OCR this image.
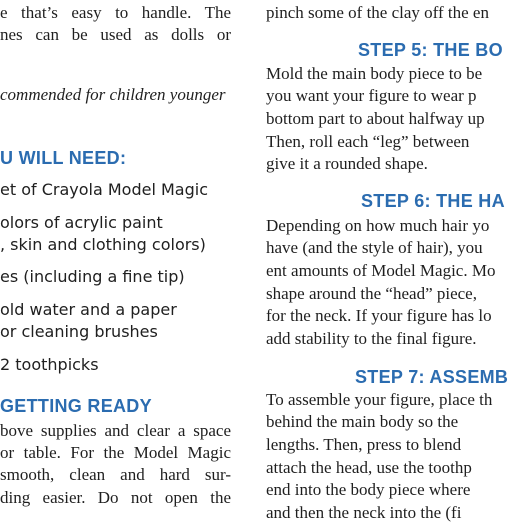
e that’s easy to handle. The
nes can be used as dolls or
commended for children younger
U WILL NEED:
et of Crayola Model Magic
olors of acrylic paint
, skin and clothing colors)
es (including a fine tip)
old water and a paper
or cleaning brushes
2 toothpicks
GETTING READY
bove supplies and clear a space
or table. For the Model Magic
smooth, clean and hard sur-
ding easier. Do not open the
pinch some of the clay off the en
STEP 5: THE BO
Mold the main body piece to be
you want your figure to wear p
bottom part to about halfway up
Then, roll each “leg” between
give it a rounded shape.
STEP 6: THE HA
Depending on how much hair yo
have (and the style of hair), you
ent amounts of Model Magic. Mo
shape around the “head” piece,
for the neck. If your figure has lo
add stability to the final figure.
STEP 7: ASSEMB
To assemble your figure, place th
behind the main body so the
lengths. Then, press to blend
attach the head, use the toothp
end into the body piece where
and then the neck into the (fi
